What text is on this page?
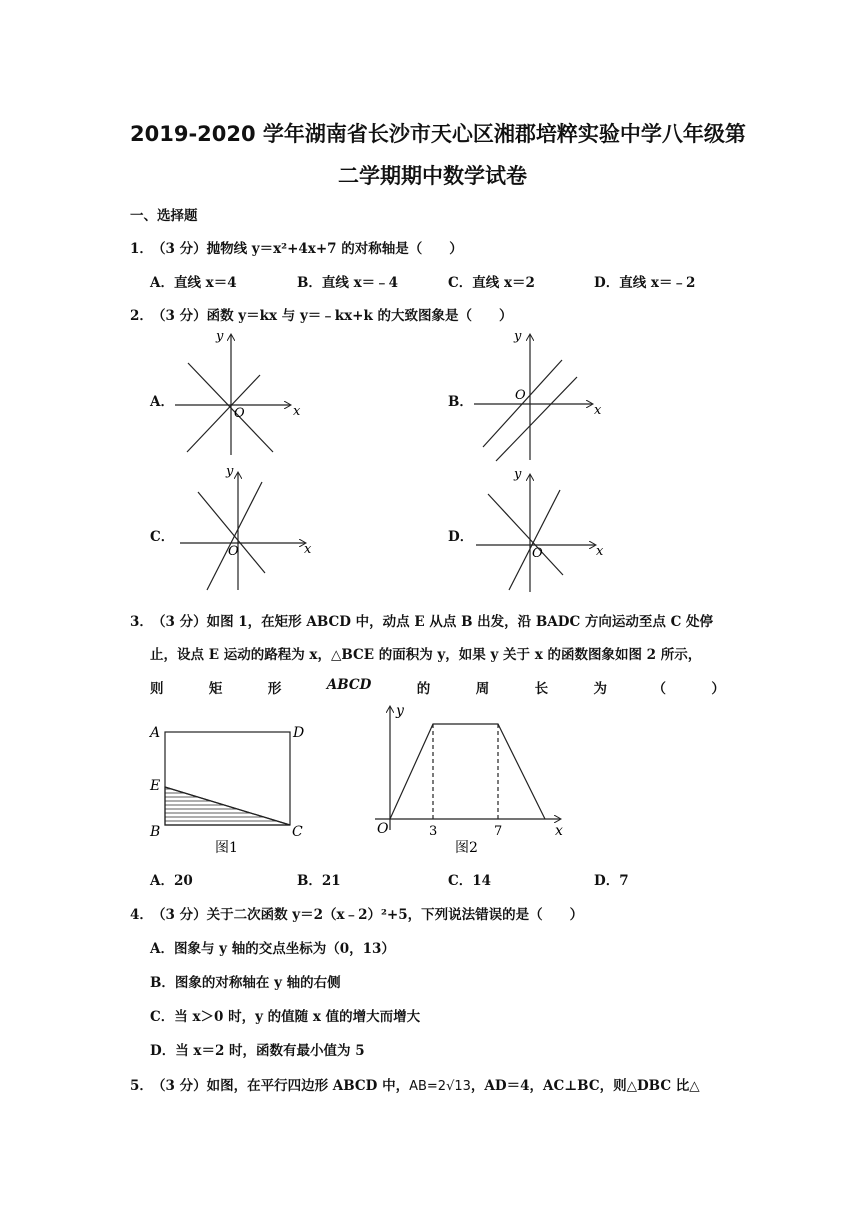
2019-2020 学年湖南省长沙市天心区湘郡培粹实验中学八年级第
二学期期中数学试卷
一、选择题
1． （3 分）抛物线 y＝x²+4x+7 的对称轴是（　　）
A．直线 x＝4	B．直线 x＝﹣4	C．直线 x＝2	D．直线 x＝﹣2
2． （3 分）函数 y＝kx 与 y＝﹣kx+k 的大致图象是（　　）
A．	B．
C．	D．
x
y
O	x
y
O
x
y
O	x
y
O
3． （3 分）如图 1，在矩形 ABCD 中，动点 E 从点 B 出发，沿 BADC 方向运动至点 C 处停
止，设点 E 运动的路程为 x，△BCE 的面积为 y，如果 y 关于 x 的函数图象如图 2 所示，
则	矩	形	ABCD	的	周	长	为	（	）
A	D
E
B	C
图1
y
x
O	3	7
图2
A．20	B．21	C．14	D．7
4． （3 分）关于二次函数 y＝2（x﹣2）²+5，下列说法错误的是（　　）
A．图象与 y 轴的交点坐标为（0，13）
B．图象的对称轴在 y 轴的右侧
C．当 x＞0 时，y 的值随 x 值的增大而增大
D．当 x＝2 时，函数有最小值为 5
5． （3 分）如图，在平行四边形 ABCD 中，AB=2√13，AD＝4，AC⊥BC，则△DBC 比△
